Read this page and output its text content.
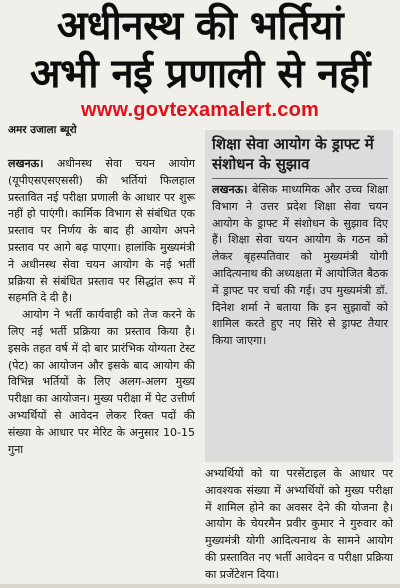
अधीनस्थ की भर्तियां
अभी नई प्रणाली से नहीं
www.govtexamalert.com
अमर उजाला ब्यूरो

लखनऊ। अधीनस्थ सेवा चयन आयोग (यूपीएसएसएससी) की भर्तियां फिलहाल प्रस्तावित नई परीक्षा प्रणाली के आधार पर शुरू नहीं हो पाएंगी। कार्मिक विभाग से संबंधित एक प्रस्ताव पर निर्णय के बाद ही आयोग अपने प्रस्ताव पर आगे बढ़ पाएगा। हालांकि मुख्यमंत्री ने अधीनस्थ सेवा चयन आयोग के नई भर्ती प्रक्रिया से संबंधित प्रस्ताव पर सिद्धांत रूप में सहमति दे दी है।

आयोग ने भर्ती कार्यवाही को तेज करने के लिए नई भर्ती प्रक्रिया का प्रस्ताव किया है। इसके तहत वर्ष में दो बार प्रारंभिक योग्यता टेस्ट (पेट) का आयोजन और इसके बाद आयोग की विभिन्न भर्तियों के लिए अलग-अलग मुख्य परीक्षा का आयोजन। मुख्य परीक्षा में पेट उत्तीर्ण अभ्यर्थियों से आवेदन लेकर रिक्त पदों की संख्या के आधार पर मेरिट के अनुसार 10-15 गुना

शिक्षा सेवा आयोग के ड्राफ्ट में संशोधन के सुझाव

लखनऊ। बेसिक माध्यमिक और उच्च शिक्षा विभाग ने उत्तर प्रदेश शिक्षा सेवा चयन आयोग के ड्राफ्ट में संशोधन के सुझाव दिए हैं। शिक्षा सेवा चयन आयोग के गठन को लेकर बृहस्पतिवार को मुख्यमंत्री योगी आदित्यनाथ की अध्यक्षता में आयोजित बैठक में ड्राफ्ट पर चर्चा की गई। उप मुख्यमंत्री डॉ. दिनेश शर्मा ने बताया कि इन सुझावों को शामिल करते हुए नए सिरे से ड्राफ्ट तैयार किया जाएगा।

अभ्यर्थियों को या परसेंटाइल के आधार पर आवश्यक संख्या में अभ्यर्थियों को मुख्य परीक्षा में शामिल होने का अवसर देने की योजना है। आयोग के चेयरमैन प्रवीर कुमार ने गुरुवार को मुख्यमंत्री योगी आदित्यनाथ के सामने आयोग की प्रस्तावित नए भर्ती आवेदन व परीक्षा प्रक्रिया का प्रजेंटेशन दिया।
